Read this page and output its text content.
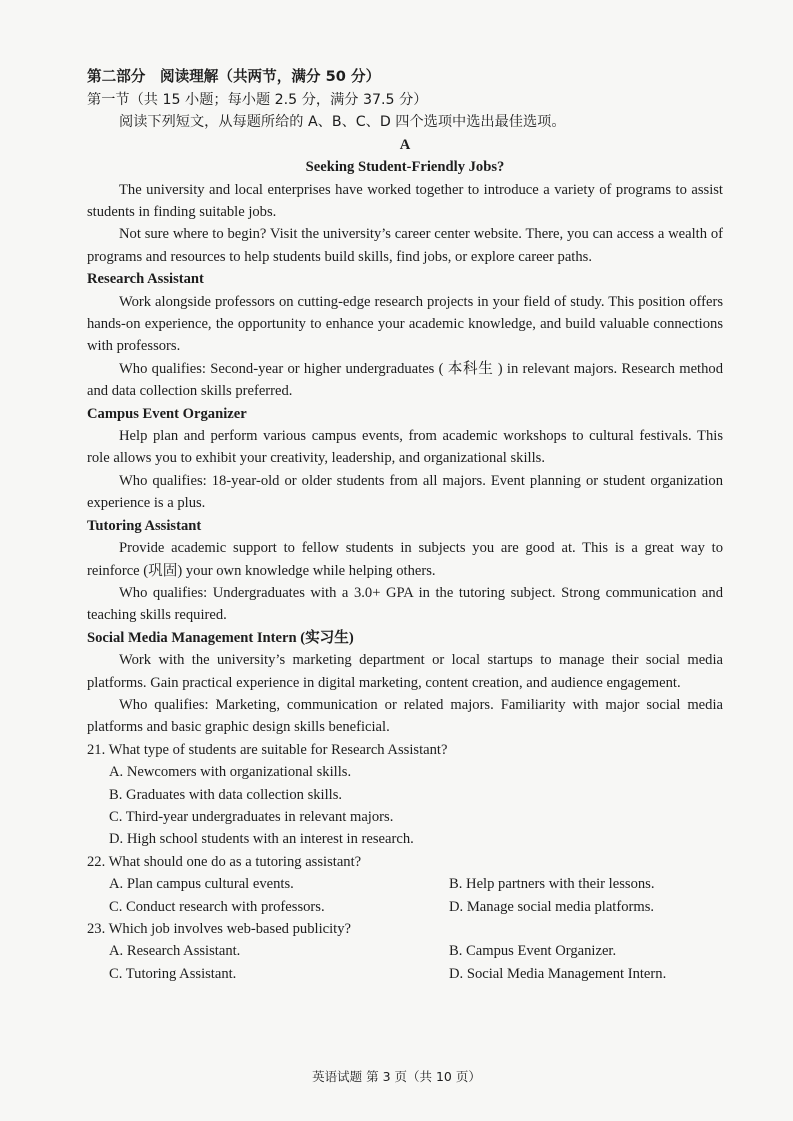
第二部分　阅读理解（共两节，满分 50 分）
第一节（共 15 小题；每小题 2.5 分，满分 37.5 分）
阅读下列短文，从每题所给的 A、B、C、D 四个选项中选出最佳选项。
A
Seeking Student-Friendly Jobs?

The university and local enterprises have worked together to introduce a variety of programs to assist students in finding suitable jobs.

Not sure where to begin? Visit the university’s career center website. There, you can access a wealth of programs and resources to help students build skills, find jobs, or explore career paths.

Research Assistant

Work alongside professors on cutting-edge research projects in your field of study. This position offers hands-on experience, the opportunity to enhance your academic knowledge, and build valuable connections with professors.

Who qualifies: Second-year or higher undergraduates ( 本科生 ) in relevant majors. Research method and data collection skills preferred.

Campus Event Organizer

Help plan and perform various campus events, from academic workshops to cultural festivals. This role allows you to exhibit your creativity, leadership, and organizational skills.

Who qualifies: 18-year-old or older students from all majors. Event planning or student organization experience is a plus.

Tutoring Assistant

Provide academic support to fellow students in subjects you are good at. This is a great way to reinforce (巩固) your own knowledge while helping others.

Who qualifies: Undergraduates with a 3.0+ GPA in the tutoring subject. Strong communication and teaching skills required.

Social Media Management Intern (实习生)

Work with the university’s marketing department or local startups to manage their social media platforms. Gain practical experience in digital marketing, content creation, and audience engagement.

Who qualifies: Marketing, communication or related majors. Familiarity with major social media platforms and basic graphic design skills beneficial.

21. What type of students are suitable for Research Assistant?
A. Newcomers with organizational skills.
B. Graduates with data collection skills.
C. Third-year undergraduates in relevant majors.
D. High school students with an interest in research.
22. What should one do as a tutoring assistant?
A. Plan campus cultural events.	B. Help partners with their lessons.
C. Conduct research with professors.	D. Manage social media platforms.
23. Which job involves web-based publicity?
A. Research Assistant.	B. Campus Event Organizer.
C. Tutoring Assistant.	D. Social Media Management Intern.
英语试题 第 3 页（共 10 页）
